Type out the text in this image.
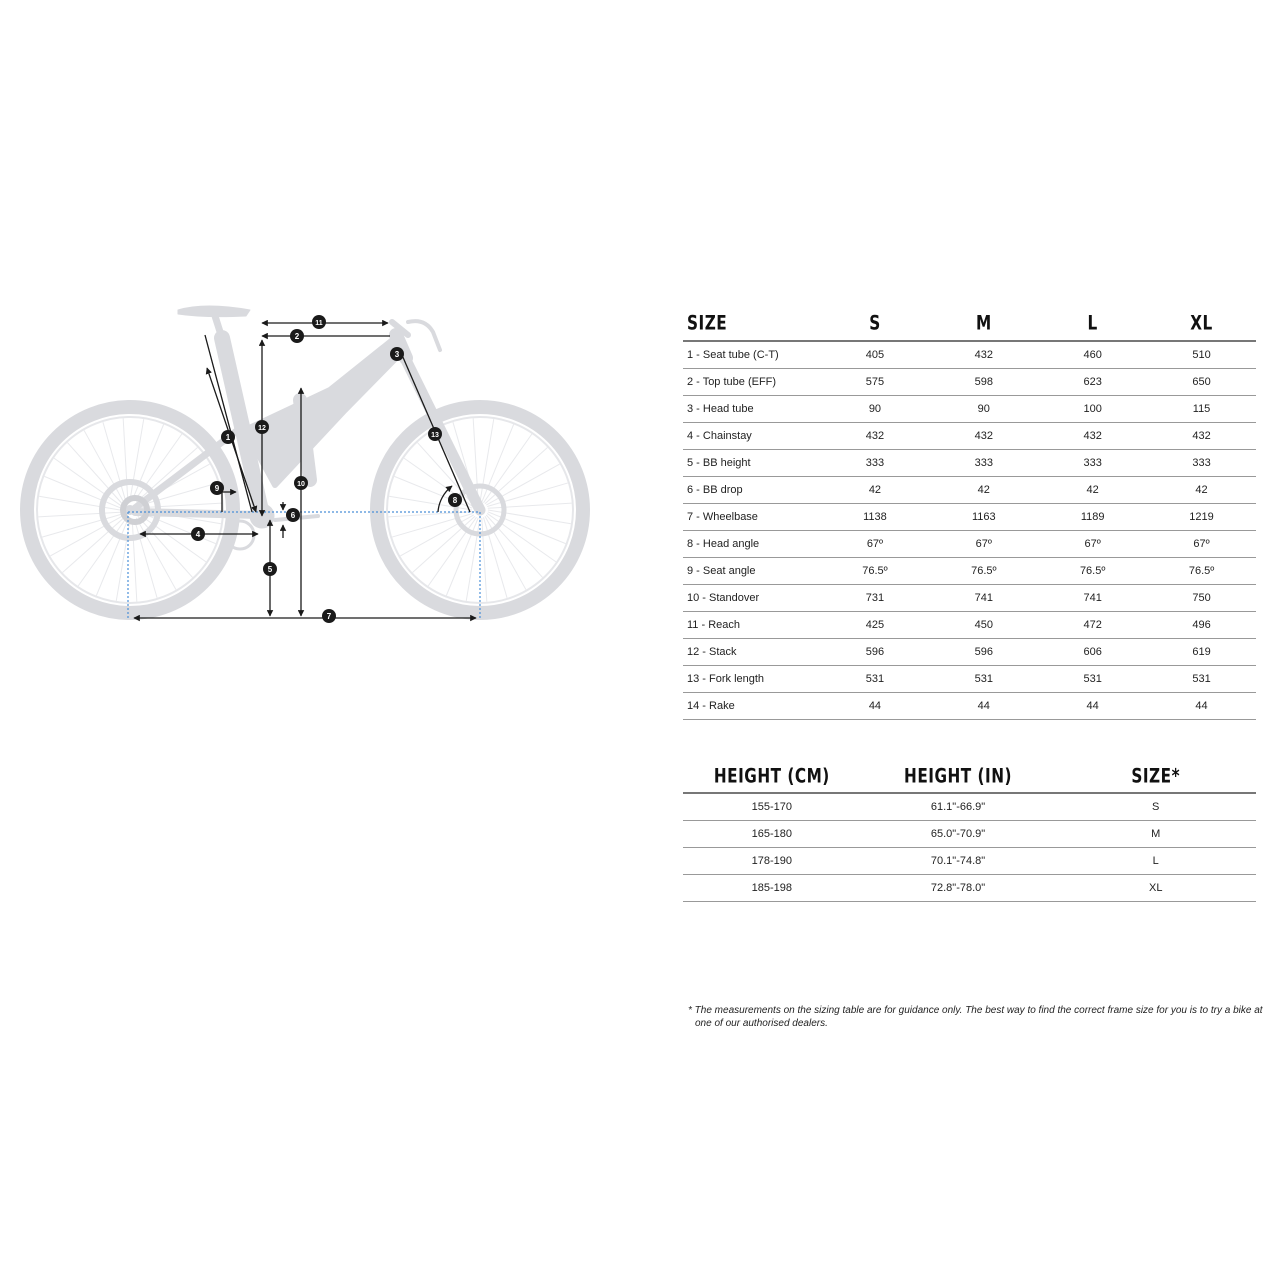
1
2
3
4
5
6
7
8
9	10
11
12
13
SIZE	S	M	L	XL
1 - Seat tube (C-T)	405	432	460	510
2 - Top tube (EFF)	575	598	623	650
3 - Head tube	90	90	100	115
4 - Chainstay	432	432	432	432
5 - BB height	333	333	333	333
6 - BB drop	42	42	42	42
7 - Wheelbase	1138	1163	1189	1219
8 - Head angle	67º	67º	67º	67º
9 - Seat angle	76.5º	76.5º	76.5º	76.5º
10 - Standover	731	741	741	750
11 - Reach	425	450	472	496
12 - Stack	596	596	606	619
13 - Fork length	531	531	531	531
14 - Rake	44	44	44	44
HEIGHT (CM)	HEIGHT (IN)	SIZE*
155-170	61.1"-66.9"	S
165-180	65.0"-70.9"	M
178-190	70.1"-74.8"	L
185-198	72.8"-78.0"	XL
* The measurements on the sizing table are for guidance only. The best way to find the correct frame size for you is to try a bike at one of our authorised dealers.
